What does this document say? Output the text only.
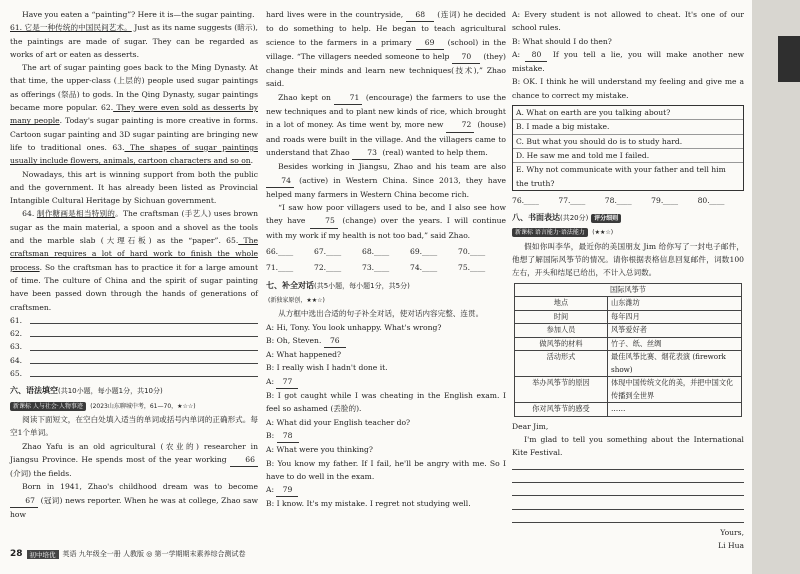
Have you eaten a “painting”? Here it is—the sugar painting.
61. 它是一种传统的中国民间艺术。 Just as its name suggests (暗示), the paintings are made of sugar. They can be regarded as works of art or eaten as desserts.

The art of sugar painting goes back to the Ming Dynasty. At that time, the upper-class (上层的) people used sugar paintings as offerings (祭品) to gods. In the Qing Dynasty, sugar paintings became more popular. 62. They were even sold as desserts by many people. Today's sugar painting is more creative in forms. Cartoon sugar painting and 3D sugar painting are bringing new life to traditional ones. 63. The shapes of sugar paintings usually include flowers, animals, cartoon characters and so on.

Nowadays, this art is winning support from both the public and the government. It has already been listed as Provincial Intangible Cultural Heritage by Sichuan government.

64. 制作糖画是相当特别的。The craftsman (手艺人) uses brown sugar as the main material, a spoon and a shovel as the tools and the marble slab (大理石板) as the “paper”. 65. The craftsman requires a lot of hard work to finish the whole process. So the craftsman has to practice it for a large amount of time. The culture of China and the spirit of sugar painting have been passed down through the hands of generations of craftsmen.

61.
62.
63.
64.
65.
六、语法填空(共10小题，每小题1分，共10分)
新课标 人与社会·人物事迹 (2023山东聊城中考，61—70，★☆☆)

阅读下面短文，在空白处填入适当的单词或括号内单词的正确形式。每空1个单词。

Zhao Yafu is an old agricultural (农业的) researcher in Jiangsu Province. He spends most of the year working 66 (介词) the fields.

Born in 1941, Zhao's childhood dream was to become 67 (冠词) news reporter. When he was at college, Zhao saw how

hard lives were in the countryside, 68 (连词) he decided to do something to help. He began to teach agricultural science to the farmers in a primary 69 (school) in the village. “The villagers needed someone to help 70 (they) change their minds and learn new techniques(技术),” Zhao said.

Zhao kept on 71 (encourage) the farmers to use the new techniques and to plant new kinds of rice, which brought in a lot of money. As time went by, more new 72 (house) and roads were built in the village. And the villagers came to understand that Zhao 73 (real) wanted to help them.

Besides working in Jiangsu, Zhao and his team are also 74 (active) in Western China. Since 2013, they have helped many farmers in Western China become rich.

“I saw how poor villagers used to be, and I also see how they have 75 (change) over the years. I will continue with my work if my health is not too bad,” said Zhao.

66. ____	67. ____	68. ____	69. ____	70. ____
71. ____	72. ____	73. ____	74. ____	75. ____
七、补全对话(共5小题，每小题1分，共5分)
(新独家原创，★★☆)

从方框中选出合适的句子补全对话，使对话内容完整、连贯。

A: Hi, Tony. You look unhappy. What's wrong?

B: Oh, Steven. 76

A: What happened?

B: I really wish I hadn't done it.

A: 77

B: I got caught while I was cheating in the English exam. I feel so ashamed (丢脸的).

A: What did your English teacher do?

B: 78

A: What were you thinking?

B: You know my father. If I fail, he'll be angry with me. So I have to do well in the exam.

A: 79

B: I know. It's my mistake. I regret not studying well.

A: Every student is not allowed to cheat. It's one of our school rules.

B: What should I do then?

A: 80 If you tell a lie, you will make another new mistake.

B: OK. I think he will understand my feeling and give me a chance to correct my mistake.

A. What on earth are you talking about?
B. I made a big mistake.
C. But what you should do is to study hard.
D. He saw me and told me I failed.
E. Why not communicate with your father and tell him the truth?
76. ____	77. ____	78. ____	79. ____	80. ____
八、书面表达(共20分) 评分细则
新课标 语言能力·语法能力 (★★☆)

假如你叫李华，最近你的美国朋友 Jim 给你写了一封电子邮件，他想了解国际风筝节的情况。请你根据表格信息回复邮件，词数100左右，开头和结尾已给出，不计入总词数。

国际风筝节	
地点	山东潍坊
时间	每年四月
参加人员	风筝爱好者
做风筝的材料	竹子、纸、丝绸
活动形式	最佳风筝比赛、烟花表演 (firework show)
举办风筝节的原因	体现中国传统文化的美，并把中国文化传播到全世界
你对风筝节的感受	……

Dear Jim,

I'm glad to tell you something about the International Kite Festival.

Yours,

Li Hua

28	初中培优	英语 九年级全一册 人教版 ◎ 第一学期期末素养综合测试卷
